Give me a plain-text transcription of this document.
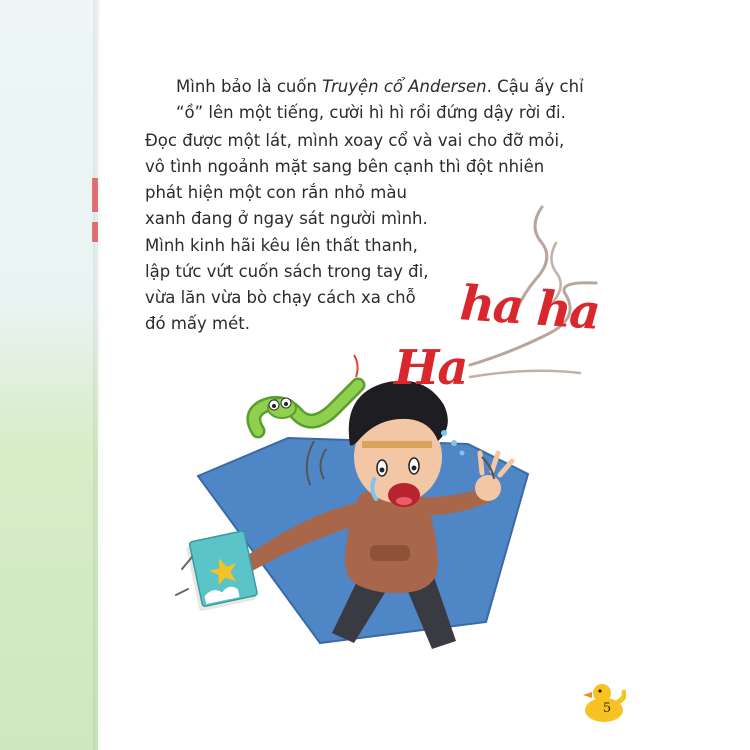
Mình bảo là cuốn Truyện cổ Andersen. Cậu ấy chỉ
“ồ” lên một tiếng, cười hì hì rồi đứng dậy rời đi.

Đọc được một lát, mình xoay cổ và vai cho đỡ mỏi,
vô tình ngoảnh mặt sang bên cạnh thì đột nhiên
phát hiện một con rắn nhỏ màu
xanh đang ở ngay sát người mình.

Mình kinh hãi kêu lên thất thanh,
lập tức vứt cuốn sách trong tay đi,
vừa lăn vừa bò chạy cách xa chỗ
đó mấy mét.

Ha
ha ha
5
